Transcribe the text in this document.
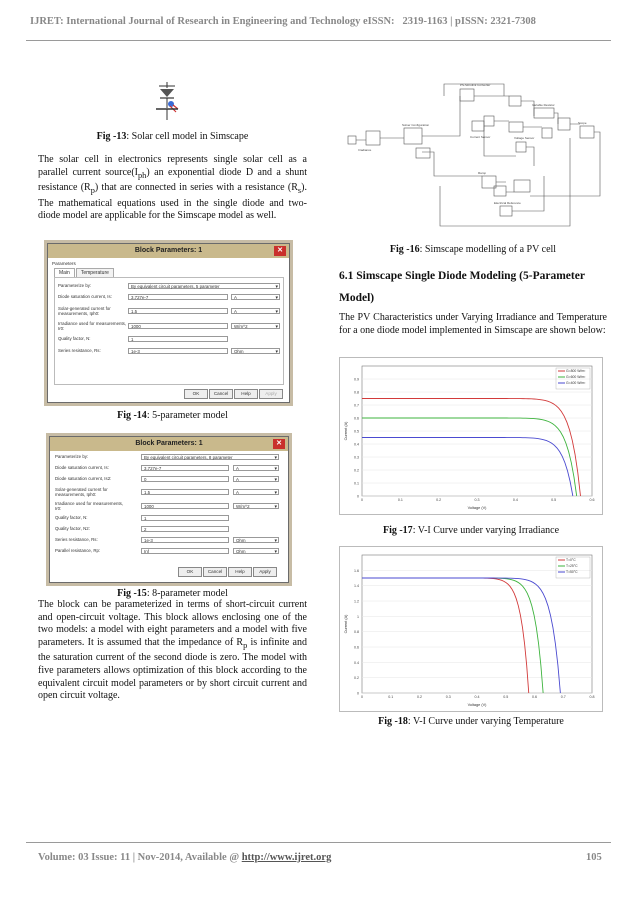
IJRET: International Journal of Research in Engineering and Technology eISSN: 2319-1163 | pISSN: 2321-7308
Fig -13: Solar cell model in Simscape
The solar cell in electronics represents single solar cell as a parallel current $source(I_{ph})$ an exponential diode D and a shunt resistance $(R_p)$ that are connected in series with a resistance $(R_s)$. The mathematical equations used in the single diode and two-diode model are applicable for the Simscape model as well.
Block Parameters: 1	✕
Parameters
Main	Temperature
Parameterize by:	By equivalent circuit parameters, 5 parameter ▾
Diode saturation current, Is:	3.727e-7	A ▾
Solar-generated current for measurements, Iph0:	1.5	A ▾
Irradiance used for measurements, Ir0:	1000	W/m^2 ▾
Quality factor, N:	1
Series resistance, Rs:	1e-3	Ohm ▾
OK	Cancel	Help	Apply
Fig -14: 5-parameter model
Block Parameters: 1	✕
Parameterize by:	By equivalent circuit parameters, 8 parameter ▾
Diode saturation current, Is:	3.727e-7	A ▾
Diode saturation current, Is2:	0	A ▾
Solar-generated current for measurements, Iph0:	1.5	A ▾
Irradiance used for measurements, Ir0:	1000	W/m^2 ▾
Quality factor, N:	1
Quality factor, N2:	2
Series resistance, Rs:	1e-3	Ohm ▾
Parallel resistance, Rp:	Inf	Ohm ▾
OK	Cancel	Help	Apply
Fig -15: 8-parameter model
The block can be parameterized in terms of short-circuit current and open-circuit voltage. This block allows enclosing one of the two models: a model with eight parameters and a model with five parameters. It is assumed that the impedance of $R_p$ is infinite and the saturation current of the second diode is zero. The model with five parameters allows optimization of this block according to the equivalent circuit model parameters or by short circuit current and open circuit voltage.
PS-Simulink Converter
Solver Configuration
Current Sensor	Voltage Sensor
Scope
Irradiance
Electrical Reference
Variable Resistor
Ramp
Fig -16: Simscape modelling of a PV cell
6.1 Simscape Single Diode Modeling (5-Parameter Model)
The PV Characteristics under Varying Irradiance and Temperature for a one diode model implemented in Simscape are shown below:
0
0.1
0.2
0.3
0.4
0.5
0.6
0.7
0.8
0.9
0	0.1	0.2	0.3	0.4	0.5	0.6
Voltage (V)
Current (A)
G=800 W/m²
G=600 W/m²
G=400 W/m²
Fig -17: V-I Curve under varying Irradiance
0
0.2
0.4
0.6
0.8
1
1.2
1.4
1.6
0	0.1	0.2	0.3	0.4	0.5	0.6	0.7	0.8
Voltage (V)
Current (A)
T=0°C
T=25°C
T=50°C
Fig -18: V-I Curve under varying Temperature
Volume: 03 Issue: 11 | Nov-2014, Available @ http://www.ijret.org	105
